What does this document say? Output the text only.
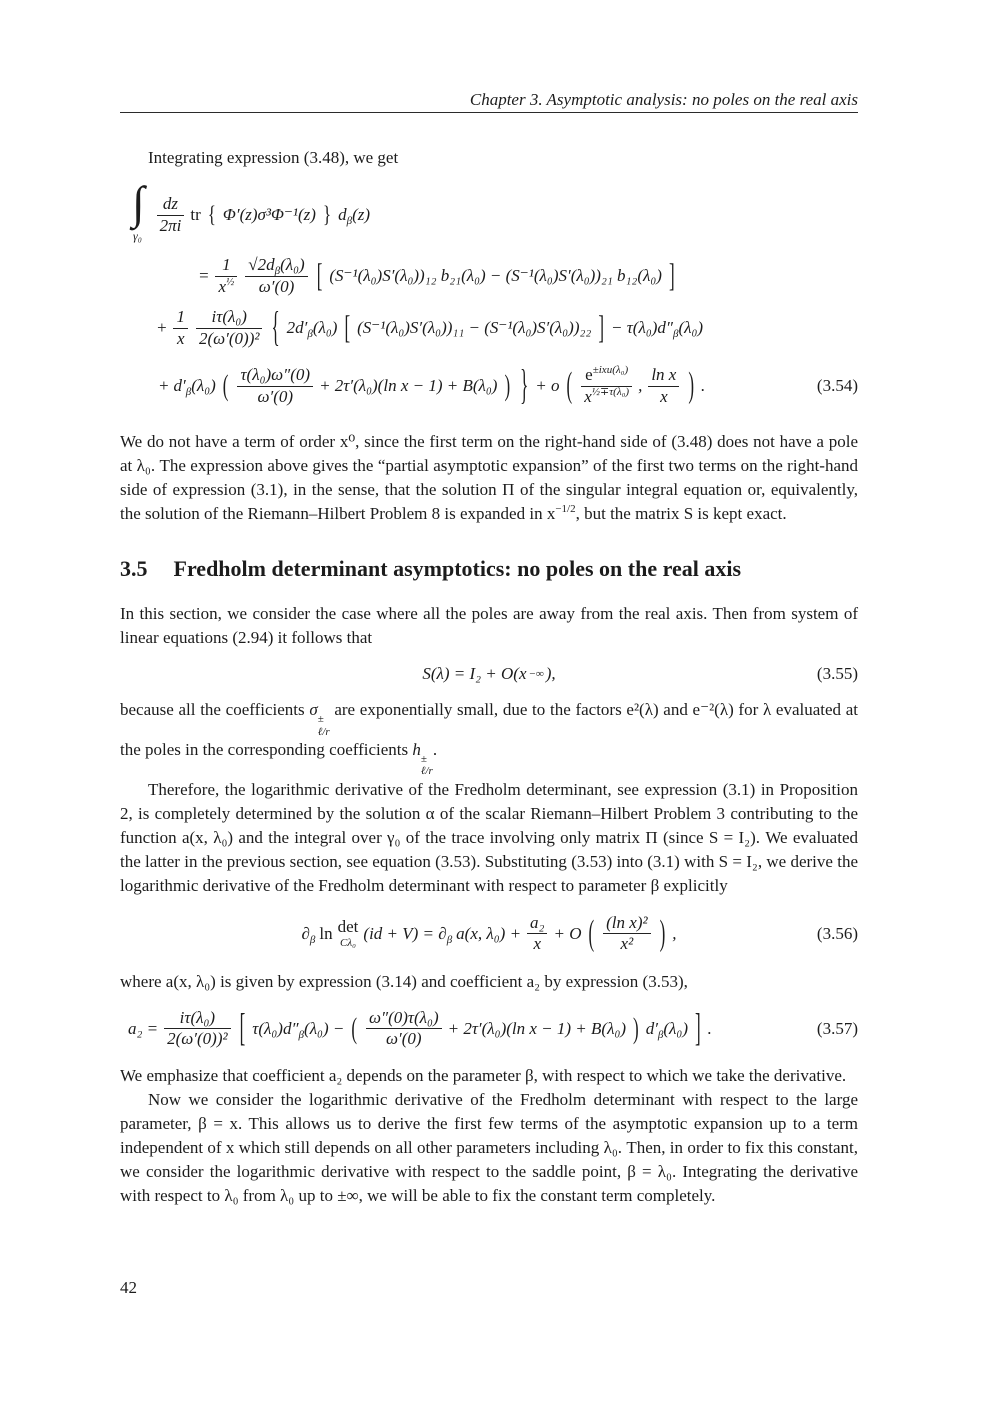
Chapter 3. Asymptotic analysis: no poles on the real axis

Integrating expression (3.48), we get

∫
γ₀
$\frac{dz}{2\pi i}$ tr { Φ′(z)σ³Φ⁻¹(z) } $d_\beta(z)$
= $\frac{1}{x^{\frac{1}{2}}} \frac{√2d_\beta(\lambda_0)}{\omega'(0)}$ [ (S⁻¹(λ₀)S′(λ₀))₁₂ b₂₁(λ₀) − (S⁻¹(λ₀)S′(λ₀))₂₁ b₁₂(λ₀) ]
+ $\frac{1}{x} \frac{\text{iτ(λ₀)}}{\text{2(ω′(0))²}}$ { $2d'_\beta(\lambda_0)$ [ (S⁻¹(λ₀)S′(λ₀))₁₁ − (S⁻¹(λ₀)S′(λ₀))₂₂ ] − $\tau(\lambda_0)d''_\beta(\lambda_0)$
+ $d'_\beta(\lambda_0)$ ( $\frac{\text{τ(λ₀)ω″(0)}}{\omega'(0)} + 2\tau'(\lambda_0)(\ln$ x − 1) + B(λ₀) ) } + o ( $\frac{e^{\pm ixu(\lambda_0)}}{x^{\frac{1}{2}\mp\tau(\lambda_0)}}$ , $\frac{\text{ln x}}{x}$ ) .	(3.54)

We do not have a term of order x⁰, since the first term on the right-hand side of (3.48) does not have a pole at λ₀. The expression above gives the “partial asymptotic expansion” of the first two terms on the right-hand side of expression (3.1), in the sense, that the solution Π of the singular integral equation or, equivalently, the solution of the Riemann–Hilbert Problem 8 is expanded in $x^{-1/2}$, but the matrix S is kept exact.

3.5 Fredholm determinant asymptotics: no poles on the real axis

In this section, we consider the case where all the poles are away from the real axis. Then from system of linear equations (2.94) it follows that

S(λ) = I₂ + O(x −∞ ),	(3.55)

because all the coefficients σ ±
ℓ/r
are exponentially small, due to the factors e²(λ) and e⁻²(λ) for λ evaluated at the poles in the corresponding coefficients h ±
ℓ/r
.

Therefore, the logarithmic derivative of the Fredholm determinant, see expression (3.1) in Proposition 2, is completely determined by the solution α of the scalar Riemann–Hilbert Problem 3 contributing to the function a(x, λ₀) and the integral over γ₀ of the trace involving only matrix Π (since S = I₂). We evaluated the latter in the previous section, see equation (3.53). Substituting (3.53) into (3.1) with S = I₂, we derive the logarithmic derivative of the Fredholm determinant with respect to parameter β explicitly

$\partial_\beta$ ln det
Cλ₀
$(id + V) = \partial_\beta$ a(x, $\lambda_0) + \frac{\text{a₂}}{x} + O$ ( $\frac{\text{(ln x)²}}{\text{x²}}$ ) ,	(3.56)

where a(x, λ₀) is given by expression (3.14) and coefficient a₂ by expression (3.53),

$a_2 = \frac{\text{iτ(λ₀)}}{\text{2(ω′(0))²}}$ [ $\tau(\lambda_0)d''_\beta(\lambda_0)$ − ( $\frac{\text{ω″(0)τ(λ₀)}}{\omega'(0)} + 2\tau'(\lambda_0)(\ln$ x − 1) + B(λ₀) ) $d'_\beta(\lambda_0)$ ] .	(3.57)

We emphasize that coefficient a₂ depends on the parameter β, with respect to which we take the derivative.

Now we consider the logarithmic derivative of the Fredholm determinant with respect to the large parameter, β = x. This allows us to derive the first few terms of the asymptotic expansion up to a term independent of x which still depends on all other parameters including λ₀. Then, in order to fix this constant, we consider the logarithmic derivative with respect to the saddle point, β = λ₀. Integrating the derivative with respect to λ₀ from λ₀ up to ±∞, we will be able to fix the constant term completely.

42
